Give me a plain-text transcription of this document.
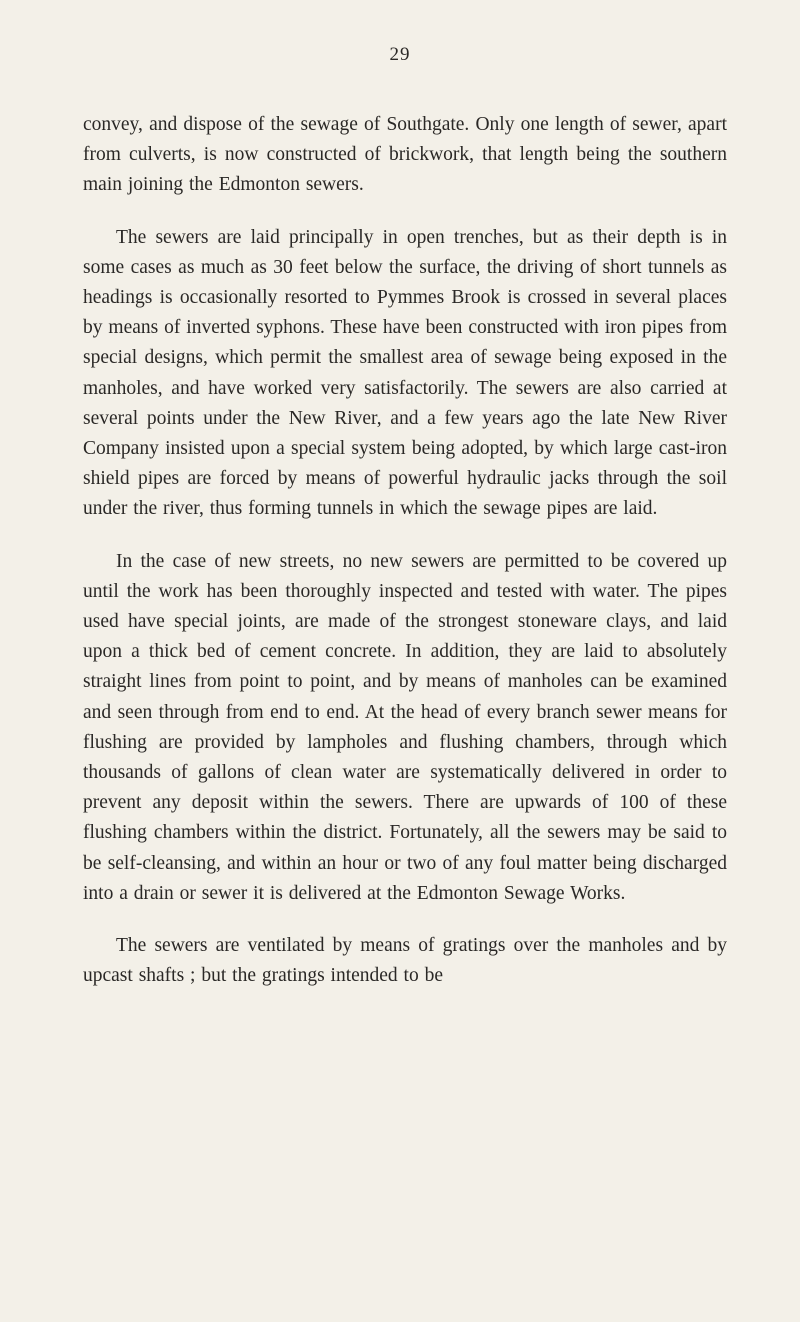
29

convey, and dispose of the sewage of Southgate. Only one length of sewer, apart from culverts, is now constructed of brickwork, that length being the southern main joining the Edmonton sewers.

The sewers are laid principally in open trenches, but as their depth is in some cases as much as 30 feet below the surface, the driving of short tunnels as headings is occasionally resorted to Pymmes Brook is crossed in several places by means of inverted syphons. These have been constructed with iron pipes from special designs, which permit the smallest area of sewage being exposed in the manholes, and have worked very satisfactorily. The sewers are also carried at several points under the New River, and a few years ago the late New River Company insisted upon a special system being adopted, by which large cast-iron shield pipes are forced by means of powerful hydraulic jacks through the soil under the river, thus forming tunnels in which the sewage pipes are laid.

In the case of new streets, no new sewers are permitted to be covered up until the work has been thoroughly inspected and tested with water. The pipes used have special joints, are made of the strongest stoneware clays, and laid upon a thick bed of cement concrete. In addition, they are laid to absolutely straight lines from point to point, and by means of manholes can be examined and seen through from end to end. At the head of every branch sewer means for flushing are provided by lampholes and flushing chambers, through which thousands of gallons of clean water are systematically delivered in order to prevent any deposit within the sewers. There are upwards of 100 of these flushing chambers within the district. Fortunately, all the sewers may be said to be self-cleansing, and within an hour or two of any foul matter being discharged into a drain or sewer it is delivered at the Edmonton Sewage Works.

The sewers are ventilated by means of gratings over the manholes and by upcast shafts ; but the gratings intended to be
